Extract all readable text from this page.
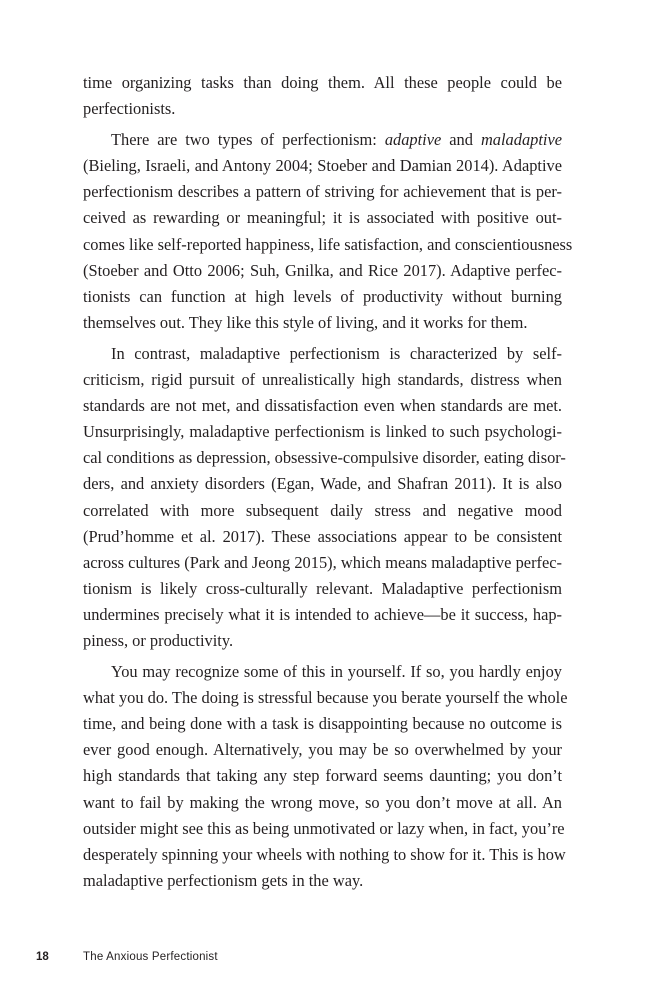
time organizing tasks than doing them. All these people could be
perfectionists.
There are two types of perfectionism: adaptive and maladaptive
(Bieling, Israeli, and Antony 2004; Stoeber and Damian 2014). Adaptive
perfectionism describes a pattern of striving for achievement that is per-
ceived as rewarding or meaningful; it is associated with positive out-
comes like self-reported happiness, life satisfaction, and conscientiousness
(Stoeber and Otto 2006; Suh, Gnilka, and Rice 2017). Adaptive perfec-
tionists can function at high levels of productivity without burning
themselves out. They like this style of living, and it works for them.
In contrast, maladaptive perfectionism is characterized by self-
criticism, rigid pursuit of unrealistically high standards, distress when
standards are not met, and dissatisfaction even when standards are met.
Unsurprisingly, maladaptive perfectionism is linked to such psychologi-
cal conditions as depression, obsessive-compulsive disorder, eating disor-
ders, and anxiety disorders (Egan, Wade, and Shafran 2011). It is also
correlated with more subsequent daily stress and negative mood
(Prud’homme et al. 2017). These associations appear to be consistent
across cultures (Park and Jeong 2015), which means maladaptive perfec-
tionism is likely cross-culturally relevant. Maladaptive perfectionism
undermines precisely what it is intended to achieve—be it success, hap-
piness, or productivity.
You may recognize some of this in yourself. If so, you hardly enjoy
what you do. The doing is stressful because you berate yourself the whole
time, and being done with a task is disappointing because no outcome is
ever good enough. Alternatively, you may be so overwhelmed by your
high standards that taking any step forward seems daunting; you don’t
want to fail by making the wrong move, so you don’t move at all. An
outsider might see this as being unmotivated or lazy when, in fact, you’re
desperately spinning your wheels with nothing to show for it. This is how
maladaptive perfectionism gets in the way.
18	The Anxious Perfectionist
